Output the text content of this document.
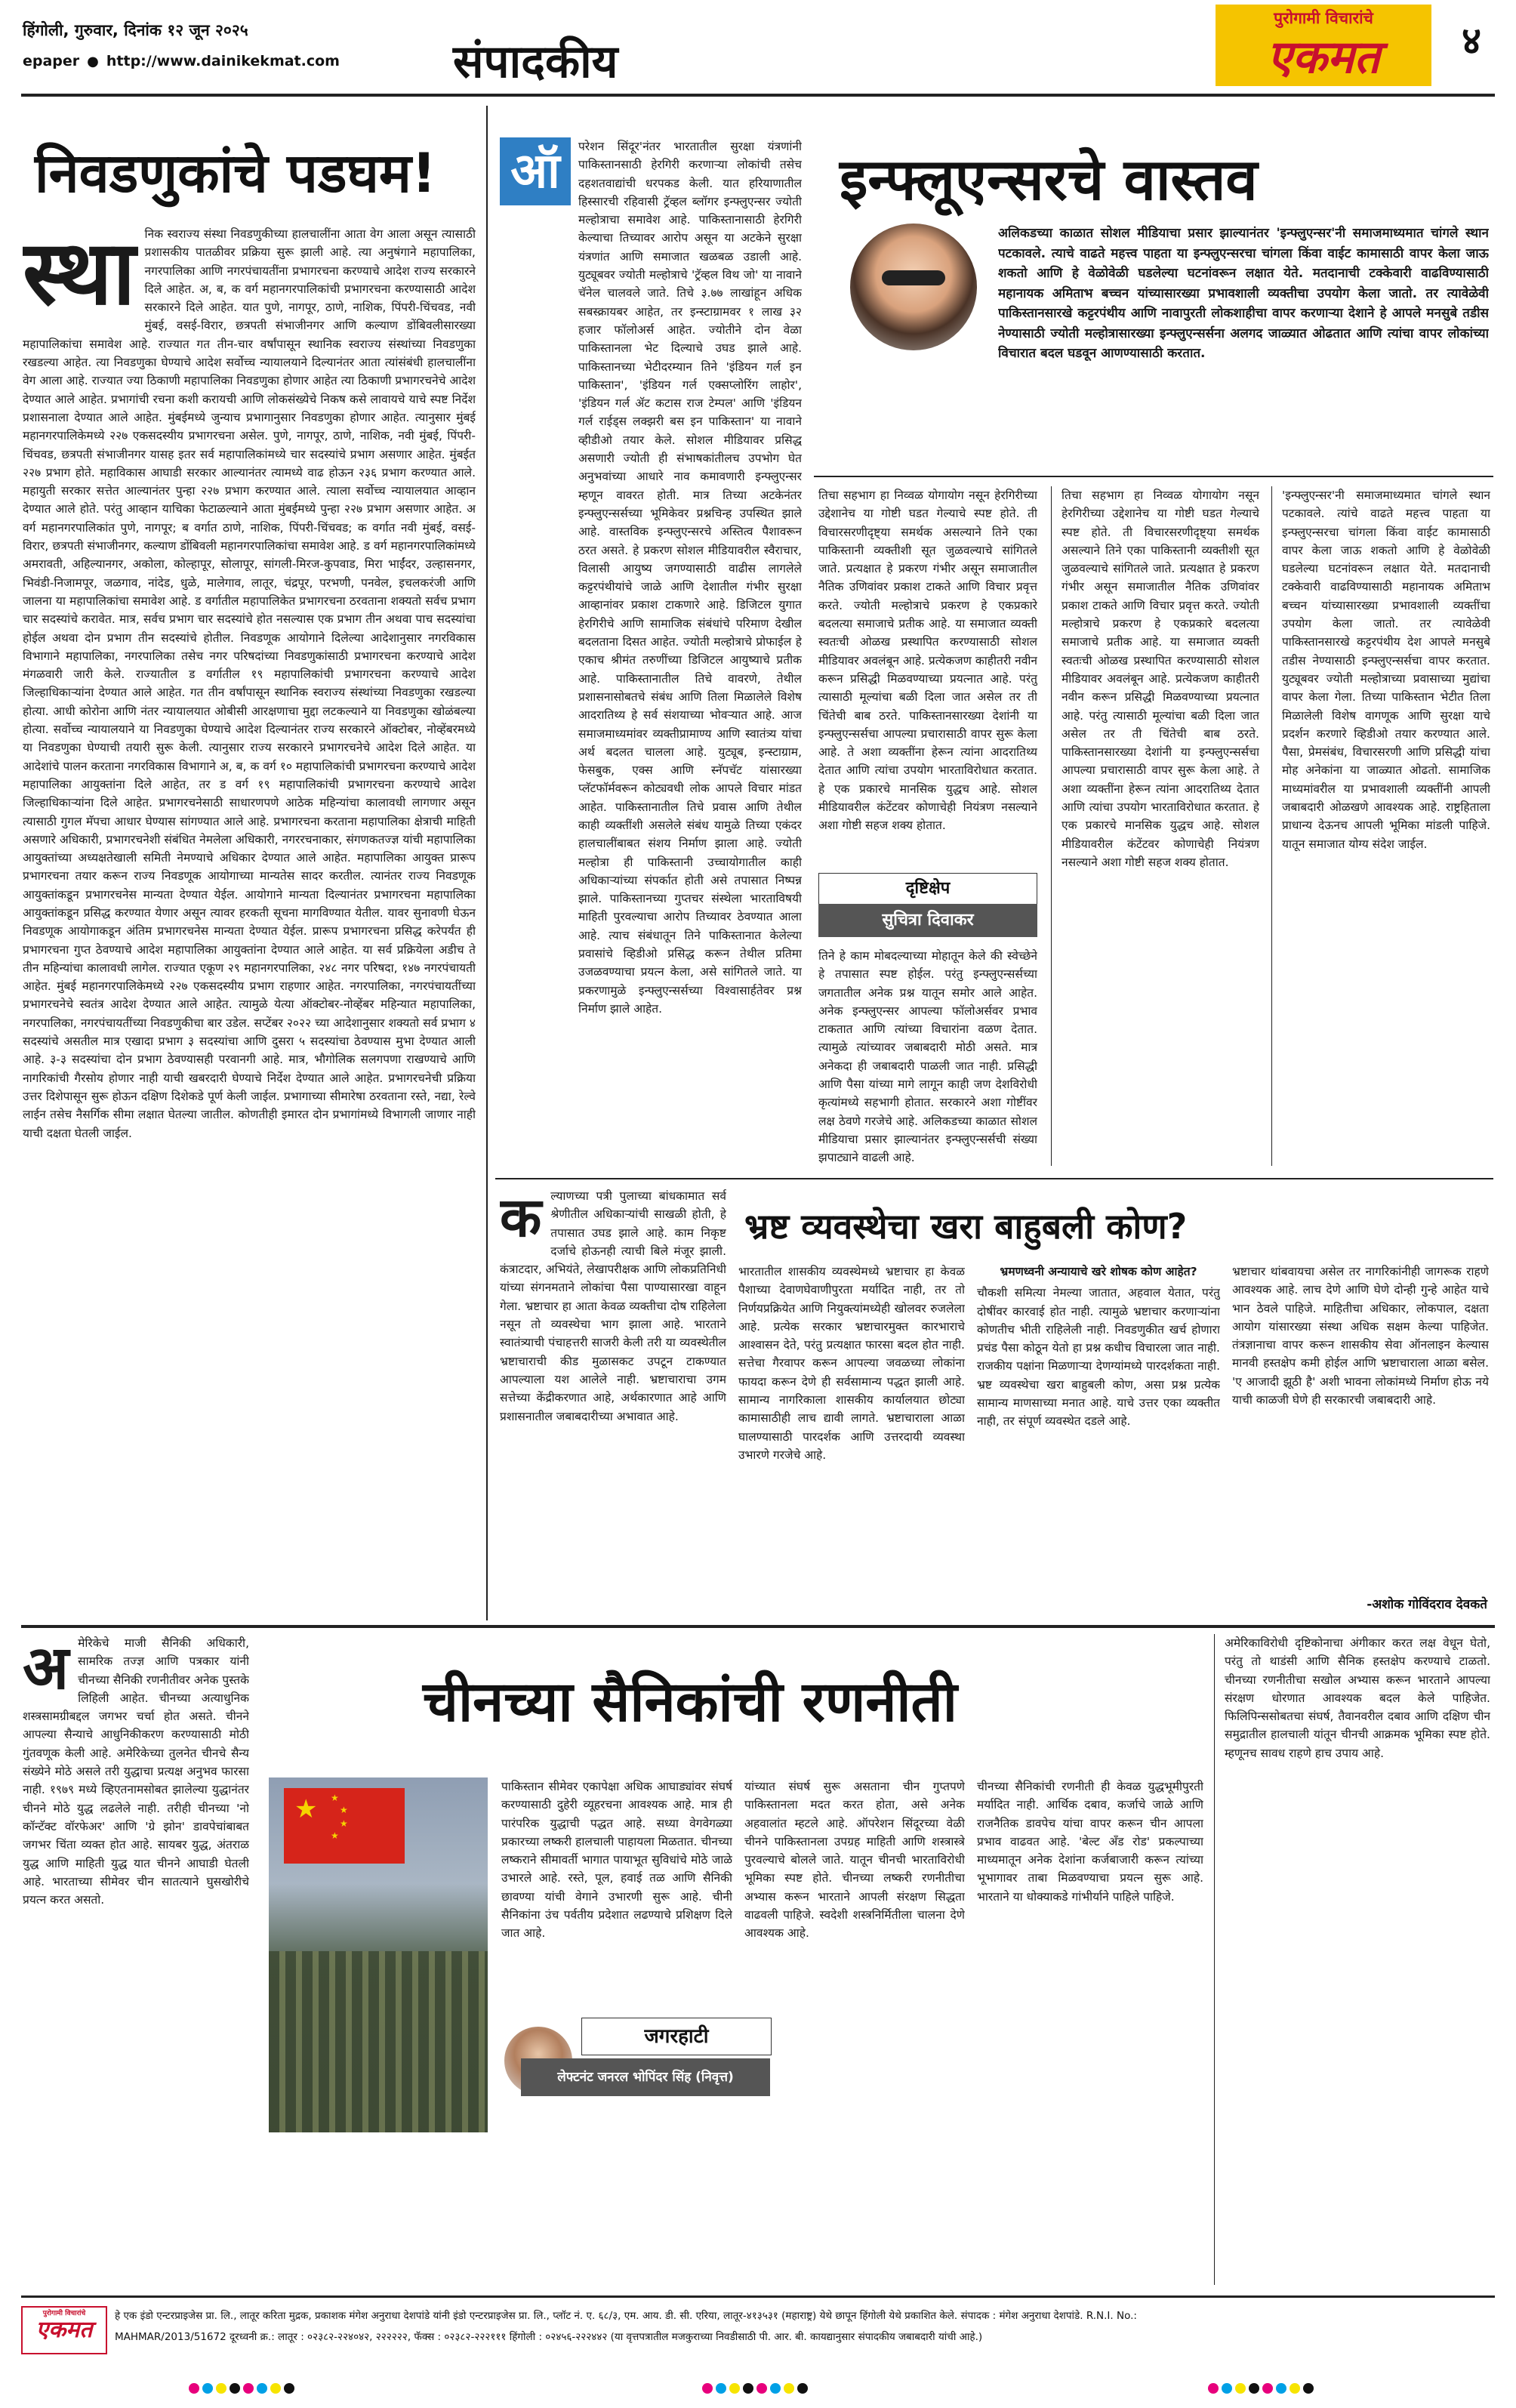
हिंगोली, गुरुवार, दिनांक १२ जून २०२५
epaper ● http://www.dainikekmat.com	संपादकीय
पुरोगामी विचारांचे
एकमत	४
निवडणुकांचे पडघम!
स्था निक स्वराज्य संस्था निवडणुकीच्या हालचालींना आता वेग आला असून त्यासाठी प्रशासकीय पातळीवर प्रक्रिया सुरू झाली आहे. त्या अनुषंगाने महापालिका, नगरपालिका आणि नगरपंचायतींना प्रभागरचना करण्याचे आदेश राज्य सरकारने दिले आहेत. अ, ब, क वर्ग महानगरपालिकांची प्रभागरचना करण्यासाठी आदेश सरकारने दिले आहेत. यात पुणे, नागपूर, ठाणे, नाशिक, पिंपरी-चिंचवड, नवी मुंबई, वसई-विरार, छत्रपती संभाजीनगर आणि कल्याण डोंबिवलीसारख्या महापालिकांचा समावेश आहे. राज्यात गत तीन-चार वर्षांपासून स्थानिक स्वराज्य संस्थांच्या निवडणुका रखडल्या आहेत. त्या निवडणुका घेण्याचे आदेश सर्वोच्च न्यायालयाने दिल्यानंतर आता त्यांसंबंधी हालचालींना वेग आला आहे. राज्यात ज्या ठिकाणी महापालिका निवडणुका होणार आहेत त्या ठिकाणी प्रभागरचनेचे आदेश देण्यात आले आहेत. प्रभागांची रचना कशी करायची आणि लोकसंख्येचे निकष कसे लावायचे याचे स्पष्ट निर्देश प्रशासनाला देण्यात आले आहेत. मुंबईमध्ये जुन्याच प्रभागानुसार निवडणुका होणार आहेत. त्यानुसार मुंबई महानगरपालिकेमध्ये २२७ एकसदस्यीय प्रभागरचना असेल. पुणे, नागपूर, ठाणे, नाशिक, नवी मुंबई, पिंपरी-चिंचवड, छत्रपती संभाजीनगर यासह इतर सर्व महापालिकांमध्ये चार सदस्यांचे प्रभाग असणार आहेत. मुंबईत २२७ प्रभाग होते. महाविकास आघाडी सरकार आल्यानंतर त्यामध्ये वाढ होऊन २३६ प्रभाग करण्यात आले. महायुती सरकार सत्तेत आल्यानंतर पुन्हा २२७ प्रभाग करण्यात आले. त्याला सर्वोच्च न्यायालयात आव्हान देण्यात आले होते. परंतु आव्हान याचिका फेटाळल्याने आता मुंबईमध्ये पुन्हा २२७ प्रभाग असणार आहेत. अ वर्ग महानगरपालिकांत पुणे, नागपूर; ब वर्गात ठाणे, नाशिक, पिंपरी-चिंचवड; क वर्गात नवी मुंबई, वसई-विरार, छत्रपती संभाजीनगर, कल्याण डोंबिवली महानगरपालिकांचा समावेश आहे. ड वर्ग महानगरपालिकांमध्ये अमरावती, अहिल्यानगर, अकोला, कोल्हापूर, सोलापूर, सांगली-मिरज-कुपवाड, मिरा भाईंदर, उल्हासनगर, भिवंडी-निजामपूर, जळगाव, नांदेड, धुळे, मालेगाव, लातूर, चंद्रपूर, परभणी, पनवेल, इचलकरंजी आणि जालना या महापालिकांचा समावेश आहे. ड वर्गातील महापालिकेत प्रभागरचना ठरवताना शक्यतो सर्वच प्रभाग चार सदस्यांचे करावेत. मात्र, सर्वच प्रभाग चार सदस्यांचे होत नसल्यास एक प्रभाग तीन अथवा पाच सदस्यांचा होईल अथवा दोन प्रभाग तीन सदस्यांचे होतील. निवडणूक आयोगाने दिलेल्या आदेशानुसार नगरविकास विभागाने महापालिका, नगरपालिका तसेच नगर परिषदांच्या निवडणुकांसाठी प्रभागरचना करण्याचे आदेश मंगळवारी जारी केले. राज्यातील ड वर्गातील १९ महापालिकांची प्रभागरचना करण्याचे आदेश जिल्हाधिकाऱ्यांना देण्यात आले आहेत. गत तीन वर्षांपासून स्थानिक स्वराज्य संस्थांच्या निवडणुका रखडल्या होत्या. आधी कोरोना आणि नंतर न्यायालयात ओबीसी आरक्षणाचा मुद्दा लटकल्याने या निवडणुका खोळंबल्या होत्या. सर्वोच्च न्यायालयाने या निवडणुका घेण्याचे आदेश दिल्यानंतर राज्य सरकारने ऑक्टोबर, नोव्हेंबरमध्ये या निवडणुका घेण्याची तयारी सुरू केली. त्यानुसार राज्य सरकारने प्रभागरचनेचे आदेश दिले आहेत. या आदेशांचे पालन करताना नगरविकास विभागाने अ, ब, क वर्ग १० महापालिकांची प्रभागरचना करण्याचे आदेश महापालिका आयुक्तांना दिले आहेत, तर ड वर्ग १९ महापालिकांची प्रभागरचना करण्याचे आदेश जिल्हाधिकाऱ्यांना दिले आहेत. प्रभागरचनेसाठी साधारणपणे आठेक महिन्यांचा कालावधी लागणार असून त्यासाठी गुगल मॅपचा आधार घेण्यास सांगण्यात आले आहे. प्रभागरचना करताना महापालिका क्षेत्राची माहिती असणारे अधिकारी, प्रभागरचनेशी संबंधित नेमलेला अधिकारी, नगररचनाकार, संगणकतज्ज्ञ यांची महापालिका आयुक्तांच्या अध्यक्षतेखाली समिती नेमण्याचे अधिकार देण्यात आले आहेत. महापालिका आयुक्त प्रारूप प्रभागरचना तयार करून राज्य निवडणूक आयोगाच्या मान्यतेस सादर करतील. त्यानंतर राज्य निवडणूक आयुक्तांकडून प्रभागरचनेस मान्यता देण्यात येईल. आयोगाने मान्यता दिल्यानंतर प्रभागरचना महापालिका आयुक्तांकडून प्रसिद्ध करण्यात येणार असून त्यावर हरकती सूचना मागविण्यात येतील. यावर सुनावणी घेऊन निवडणूक आयोगाकडून अंतिम प्रभागरचनेस मान्यता देण्यात येईल. प्रारूप प्रभागरचना प्रसिद्ध करेपर्यंत ही प्रभागरचना गुप्त ठेवण्याचे आदेश महापालिका आयुक्तांना देण्यात आले आहेत. या सर्व प्रक्रियेला अडीच ते तीन महिन्यांचा कालावधी लागेल. राज्यात एकूण २९ महानगरपालिका, २४८ नगर परिषदा, १४७ नगरपंचायती आहेत. मुंबई महानगरपालिकेमध्ये २२७ एकसदस्यीय प्रभाग राहणार आहेत. नगरपालिका, नगरपंचायतींच्या प्रभागरचनेचे स्वतंत्र आदेश देण्यात आले आहेत. त्यामुळे येत्या ऑक्टोबर-नोव्हेंबर महिन्यात महापालिका, नगरपालिका, नगरपंचायतींच्या निवडणुकीचा बार उडेल. सप्टेंबर २०२२ च्या आदेशानुसार शक्यतो सर्व प्रभाग ४ सदस्यांचे असतील मात्र एखादा प्रभाग ३ सदस्यांचा आणि दुसरा ५ सदस्यांचा ठेवण्यास मुभा देण्यात आली आहे. ३-३ सदस्यांचा दोन प्रभाग ठेवण्यासही परवानगी आहे. मात्र, भौगोलिक सलगपणा राखण्याचे आणि नागरिकांची गैरसोय होणार नाही याची खबरदारी घेण्याचे निर्देश देण्यात आले आहेत. प्रभागरचनेची प्रक्रिया उत्तर दिशेपासून सुरू होऊन दक्षिण दिशेकडे पूर्ण केली जाईल. प्रभागाच्या सीमारेषा ठरवताना रस्ते, नद्या, रेल्वे लाईन तसेच नैसर्गिक सीमा लक्षात घेतल्या जातील. कोणतीही इमारत दोन प्रभागांमध्ये विभागली जाणार नाही याची दक्षता घेतली जाईल.
ऑ	परेशन सिंदूर'नंतर भारतातील सुरक्षा यंत्रणांनी पाकिस्तानसाठी हेरगिरी करणाऱ्या लोकांची तसेच दहशतवाद्यांची धरपकड केली. यात हरियाणातील हिस्सारची रहिवासी ट्रॅव्हल ब्लॉगर इन्फ्लुएन्सर ज्योती मल्होत्राचा समावेश आहे. पाकिस्तानासाठी हेरगिरी केल्याचा तिच्यावर आरोप असून या अटकेने सुरक्षा यंत्रणांत आणि समाजात खळबळ उडाली आहे. युट्यूबवर ज्योती मल्होत्राचे 'ट्रॅव्हल विथ जो' या नावाने चॅनेल चालवले जाते. तिचे ३.७७ लाखांहून अधिक सबस्क्रायबर आहेत, तर इन्स्टाग्रामवर १ लाख ३२ हजार फॉलोअर्स आहेत. ज्योतीने दोन वेळा पाकिस्तानला भेट दिल्याचे उघड झाले आहे. पाकिस्तानच्या भेटीदरम्यान तिने 'इंडियन गर्ल इन पाकिस्तान', 'इंडियन गर्ल एक्सप्लोरिंग लाहोर', 'इंडियन गर्ल ॲट कटास राज टेम्पल' आणि 'इंडियन गर्ल राईड्स लक्झरी बस इन पाकिस्तान' या नावाने व्हीडीओ तयार केले. सोशल मीडियावर प्रसिद्ध असणारी ज्योती ही संभाषकांतीलच उपभोग घेत अनुभवांच्या आधारे नाव कमावणारी इन्फ्लुएन्सर म्हणून वावरत होती. मात्र तिच्या अटकेनंतर इन्फ्लुएन्सर्सच्या भूमिकेवर प्रश्नचिन्ह उपस्थित झाले आहे. वास्तविक इन्फ्लुएन्सरचे अस्तित्व पैशावरून ठरत असते. हे प्रकरण सोशल मीडियावरील स्वैराचार, विलासी आयुष्य जगण्यासाठी वाढीस लागलेले कट्टरपंथीयांचे जाळे आणि देशातील गंभीर सुरक्षा आव्हानांवर प्रकाश टाकणारे आहे. डिजिटल युगात हेरगिरीचे आणि सामाजिक संबंधांचे परिमाण देखील बदलताना दिसत आहेत. ज्योती मल्होत्राचे प्रोफाईल हे एकाच श्रीमंत तरुणींच्या डिजिटल आयुष्याचे प्रतीक आहे. पाकिस्तानातील तिचे वावरणे, तेथील प्रशासनासोबतचे संबंध आणि तिला मिळालेले विशेष आदरातिथ्य हे सर्व संशयाच्या भोवऱ्यात आहे. आज समाजमाध्यमांवर व्यक्तीप्रामाण्य आणि स्वातंत्र्य यांचा अर्थ बदलत चालला आहे. युट्यूब, इन्स्टाग्राम, फेसबुक, एक्स आणि स्नॅपचॅट यांसारख्या प्लॅटफॉर्मवरून कोट्यवधी लोक आपले विचार मांडत आहेत. पाकिस्तानातील तिचे प्रवास आणि तेथील काही व्यक्तींशी असलेले संबंध यामुळे तिच्या एकंदर हालचालींबाबत संशय निर्माण झाला आहे. ज्योती मल्होत्रा ही पाकिस्तानी उच्चायोगातील काही अधिकाऱ्यांच्या संपर्कात होती असे तपासात निष्पन्न झाले. पाकिस्तानच्या गुप्तचर संस्थेला भारताविषयी माहिती पुरवल्याचा आरोप तिच्यावर ठेवण्यात आला आहे. त्याच संबंधातून तिने पाकिस्तानात केलेल्या प्रवासांचे व्हिडीओ प्रसिद्ध करून तेथील प्रतिमा उजळवण्याचा प्रयत्न केला, असे सांगितले जाते. या प्रकरणामुळे इन्फ्लुएन्सर्सच्या विश्वासार्हतेवर प्रश्न निर्माण झाले आहेत.
इन्फ्लूएन्सरचे वास्तव
अलिकडच्या काळात सोशल मीडियाचा प्रसार झाल्यानंतर 'इन्फ्लुएन्सर'नी समाजमाध्यमात चांगले स्थान पटकावले. त्याचे वाढते महत्त्व पाहता या इन्फ्लुएन्सरचा चांगला किंवा वाईट कामासाठी वापर केला जाऊ शकतो आणि हे वेळोवेळी घडलेल्या घटनांवरून लक्षात येते. मतदानाची टक्केवारी वाढविण्यासाठी महानायक अमिताभ बच्चन यांच्यासारख्या प्रभावशाली व्यक्तीचा उपयोग केला जातो. तर त्यावेळेवी पाकिस्तानसारखे कट्टरपंथीय आणि नावापुरती लोकशाहीचा वापर करणाऱ्या देशाने हे आपले मनसुबे तडीस नेण्यासाठी ज्योती मल्होत्रासारख्या इन्फ्लुएन्सर्सना अलगद जाळ्यात ओढतात आणि त्यांचा वापर लोकांच्या विचारात बदल घडवून आणण्यासाठी करतात.
तिचा सहभाग हा निव्वळ योगायोग नसून हेरगिरीच्या उद्देशानेच या गोष्टी घडत गेल्याचे स्पष्ट होते. ती विचारसरणीदृष्ट्या समर्थक असल्याने तिने एका पाकिस्तानी व्यक्तीशी सूत जुळवल्याचे सांगितले जाते. प्रत्यक्षात हे प्रकरण गंभीर असून समाजातील नैतिक उणिवांवर प्रकाश टाकते आणि विचार प्रवृत्त करते. ज्योती मल्होत्राचे प्रकरण हे एकप्रकारे बदलत्या समाजाचे प्रतीक आहे. या समाजात व्यक्ती स्वतःची ओळख प्रस्थापित करण्यासाठी सोशल मीडियावर अवलंबून आहे. प्रत्येकजण काहीतरी नवीन करून प्रसिद्धी मिळवण्याच्या प्रयत्नात आहे. परंतु त्यासाठी मूल्यांचा बळी दिला जात असेल तर ती चिंतेची बाब ठरते. पाकिस्तानसारख्या देशांनी या इन्फ्लुएन्सर्सचा आपल्या प्रचारासाठी वापर सुरू केला आहे. ते अशा व्यक्तींना हेरून त्यांना आदरातिथ्य देतात आणि त्यांचा उपयोग भारताविरोधात करतात. हे एक प्रकारचे मानसिक युद्धच आहे. सोशल मीडियावरील कंटेंटवर कोणाचेही नियंत्रण नसल्याने अशा गोष्टी सहज शक्य होतात.
दृष्टिक्षेप
सुचित्रा दिवाकर
तिने हे काम मोबदल्याच्या मोहातून केले की स्वेच्छेने हे तपासात स्पष्ट होईल. परंतु इन्फ्लुएन्सर्सच्या जगतातील अनेक प्रश्न यातून समोर आले आहेत. अनेक इन्फ्लुएन्सर आपल्या फॉलोअर्सवर प्रभाव टाकतात आणि त्यांच्या विचारांना वळण देतात. त्यामुळे त्यांच्यावर जबाबदारी मोठी असते. मात्र अनेकदा ही जबाबदारी पाळली जात नाही. प्रसिद्धी आणि पैसा यांच्या मागे लागून काही जण देशविरोधी कृत्यांमध्ये सहभागी होतात. सरकारने अशा गोष्टींवर लक्ष ठेवणे गरजेचे आहे. अलिकडच्या काळात सोशल मीडियाचा प्रसार झाल्यानंतर इन्फ्लुएन्सर्सची संख्या झपाट्याने वाढली आहे.
तिचा सहभाग हा निव्वळ योगायोग नसून हेरगिरीच्या उद्देशानेच या गोष्टी घडत गेल्याचे स्पष्ट होते. ती विचारसरणीदृष्ट्या समर्थक असल्याने तिने एका पाकिस्तानी व्यक्तीशी सूत जुळवल्याचे सांगितले जाते. प्रत्यक्षात हे प्रकरण गंभीर असून समाजातील नैतिक उणिवांवर प्रकाश टाकते आणि विचार प्रवृत्त करते. ज्योती मल्होत्राचे प्रकरण हे एकप्रकारे बदलत्या समाजाचे प्रतीक आहे. या समाजात व्यक्ती स्वतःची ओळख प्रस्थापित करण्यासाठी सोशल मीडियावर अवलंबून आहे. प्रत्येकजण काहीतरी नवीन करून प्रसिद्धी मिळवण्याच्या प्रयत्नात आहे. परंतु त्यासाठी मूल्यांचा बळी दिला जात असेल तर ती चिंतेची बाब ठरते. पाकिस्तानसारख्या देशांनी या इन्फ्लुएन्सर्सचा आपल्या प्रचारासाठी वापर सुरू केला आहे. ते अशा व्यक्तींना हेरून त्यांना आदरातिथ्य देतात आणि त्यांचा उपयोग भारताविरोधात करतात. हे एक प्रकारचे मानसिक युद्धच आहे. सोशल मीडियावरील कंटेंटवर कोणाचेही नियंत्रण नसल्याने अशा गोष्टी सहज शक्य होतात.
'इन्फ्लुएन्सर'नी समाजमाध्यमात चांगले स्थान पटकावले. त्यांचे वाढते महत्त्व पाहता या इन्फ्लुएन्सरचा चांगला किंवा वाईट कामासाठी वापर केला जाऊ शकतो आणि हे वेळोवेळी घडलेल्या घटनांवरून लक्षात येते. मतदानाची टक्केवारी वाढविण्यासाठी महानायक अमिताभ बच्चन यांच्यासारख्या प्रभावशाली व्यक्तींचा उपयोग केला जातो. तर त्यावेळेवी पाकिस्तानसारखे कट्टरपंथीय देश आपले मनसुबे तडीस नेण्यासाठी इन्फ्लुएन्सर्सचा वापर करतात. युट्यूबवर ज्योती मल्होत्राच्या प्रवासाच्या मुद्यांचा वापर केला गेला. तिच्या पाकिस्तान भेटीत तिला मिळालेली विशेष वागणूक आणि सुरक्षा याचे प्रदर्शन करणारे व्हिडीओ तयार करण्यात आले. पैसा, प्रेमसंबंध, विचारसरणी आणि प्रसिद्धी यांचा मोह अनेकांना या जाळ्यात ओढतो. सामाजिक माध्यमांवरील या प्रभावशाली व्यक्तींनी आपली जबाबदारी ओळखणे आवश्यक आहे. राष्ट्रहिताला प्राधान्य देऊनच आपली भूमिका मांडली पाहिजे. यातून समाजात योग्य संदेश जाईल.
क ल्याणच्या पत्री पुलाच्या बांधकामात सर्व श्रेणीतील अधिकाऱ्यांची साखळी होती, हे तपासात उघड झाले आहे. काम निकृष्ट दर्जाचे होऊनही त्याची बिले मंजूर झाली. कंत्राटदार, अभियंते, लेखापरीक्षक आणि लोकप्रतिनिधी यांच्या संगनमताने लोकांचा पैसा पाण्यासारखा वाहून गेला. भ्रष्टाचार हा आता केवळ व्यक्तीचा दोष राहिलेला नसून तो व्यवस्थेचा भाग झाला आहे. भारताने स्वातंत्र्याची पंचाहत्तरी साजरी केली तरी या व्यवस्थेतील भ्रष्टाचाराची कीड मुळासकट उपटून टाकण्यात आपल्याला यश आलेले नाही. भ्रष्टाचाराचा उगम सत्तेच्या केंद्रीकरणात आहे, अर्थकारणात आहे आणि प्रशासनातील जबाबदारीच्या अभावात आहे.
भ्रष्ट व्यवस्थेचा खरा बाहुबली कोण?
भारतातील शासकीय व्यवस्थेमध्ये भ्रष्टाचार हा केवळ पैशाच्या देवाणघेवाणीपुरता मर्यादित नाही, तर तो निर्णयप्रक्रियेत आणि नियुक्त्यांमध्येही खोलवर रुजलेला आहे. प्रत्येक सरकार भ्रष्टाचारमुक्त कारभाराचे आश्वासन देते, परंतु प्रत्यक्षात फारसा बदल होत नाही. सत्तेचा गैरवापर करून आपल्या जवळच्या लोकांना फायदा करून देणे ही सर्वसामान्य पद्धत झाली आहे. सामान्य नागरिकाला शासकीय कार्यालयात छोट्या कामासाठीही लाच द्यावी लागते. भ्रष्टाचाराला आळा घालण्यासाठी पारदर्शक आणि उत्तरदायी व्यवस्था उभारणे गरजेचे आहे.
भ्रमणध्वनी अन्यायाचे खरे शोषक कोण आहेत?
चौकशी समित्या नेमल्या जातात, अहवाल येतात, परंतु दोषींवर कारवाई होत नाही. त्यामुळे भ्रष्टाचार करणाऱ्यांना कोणतीच भीती राहिलेली नाही. निवडणुकीत खर्च होणारा प्रचंड पैसा कोठून येतो हा प्रश्न कधीच विचारला जात नाही. राजकीय पक्षांना मिळणाऱ्या देणग्यांमध्ये पारदर्शकता नाही. भ्रष्ट व्यवस्थेचा खरा बाहुबली कोण, असा प्रश्न प्रत्येक सामान्य माणसाच्या मनात आहे. याचे उत्तर एका व्यक्तीत नाही, तर संपूर्ण व्यवस्थेत दडले आहे.
भ्रष्टाचार थांबवायचा असेल तर नागरिकांनीही जागरूक राहणे आवश्यक आहे. लाच देणे आणि घेणे दोन्ही गुन्हे आहेत याचे भान ठेवले पाहिजे. माहितीचा अधिकार, लोकपाल, दक्षता आयोग यांसारख्या संस्था अधिक सक्षम केल्या पाहिजेत. तंत्रज्ञानाचा वापर करून शासकीय सेवा ऑनलाइन केल्यास मानवी हस्तक्षेप कमी होईल आणि भ्रष्टाचाराला आळा बसेल. 'ए आजादी झूठी है' अशी भावना लोकांमध्ये निर्माण होऊ नये याची काळजी घेणे ही सरकारची जबाबदारी आहे.
-अशोक गोविंदराव देवकते
अ मेरिकेचे माजी सैनिकी अधिकारी, सामरिक तज्ज्ञ आणि पत्रकार यांनी चीनच्या सैनिकी रणनीतीवर अनेक पुस्तके लिहिली आहेत. चीनच्या अत्याधुनिक शस्त्रसामग्रीबद्दल जगभर चर्चा होत असते. चीनने आपल्या सैन्याचे आधुनिकीकरण करण्यासाठी मोठी गुंतवणूक केली आहे. अमेरिकेच्या तुलनेत चीनचे सैन्य संख्येने मोठे असले तरी युद्धाचा प्रत्यक्ष अनुभव फारसा नाही. १९७९ मध्ये व्हिएतनामसोबत झालेल्या युद्धानंतर चीनने मोठे युद्ध लढलेले नाही. तरीही चीनच्या 'नो कॉन्टॅक्ट वॉरफेअर' आणि 'ग्रे झोन' डावपेचांबाबत जगभर चिंता व्यक्त होत आहे. सायबर युद्ध, अंतराळ युद्ध आणि माहिती युद्ध यात चीनने आघाडी घेतली आहे. भारताच्या सीमेवर चीन सातत्याने घुसखोरीचे प्रयत्न करत असतो.
चीनच्या सैनिकांची रणनीती
★ ★
★
★
★
पाकिस्तान सीमेवर एकापेक्षा अधिक आघाड्यांवर संघर्ष करण्यासाठी दुहेरी व्यूहरचना आवश्यक आहे. मात्र ही पारंपरिक युद्धाची पद्धत आहे. सध्या वेगवेगळ्या प्रकारच्या लष्करी हालचाली पाहायला मिळतात. चीनच्या लष्कराने सीमावर्ती भागात पायाभूत सुविधांचे मोठे जाळे उभारले आहे. रस्ते, पूल, हवाई तळ आणि सैनिकी छावण्या यांची वेगाने उभारणी सुरू आहे. चीनी सैनिकांना उंच पर्वतीय प्रदेशात लढण्याचे प्रशिक्षण दिले जात आहे.
यांच्यात संघर्ष सुरू असताना चीन गुप्तपणे पाकिस्तानला मदत करत होता, असे अनेक अहवालांत म्हटले आहे. ऑपरेशन सिंदूरच्या वेळी चीनने पाकिस्तानला उपग्रह माहिती आणि शस्त्रास्त्रे पुरवल्याचे बोलले जाते. यातून चीनची भारताविरोधी भूमिका स्पष्ट होते. चीनच्या लष्करी रणनीतीचा अभ्यास करून भारताने आपली संरक्षण सिद्धता वाढवली पाहिजे. स्वदेशी शस्त्रनिर्मितीला चालना देणे आवश्यक आहे.
जगरहाटी
लेफ्टनंट जनरल भोपिंदर सिंह (निवृत्त)
चीनच्या सैनिकांची रणनीती ही केवळ युद्धभूमीपुरती मर्यादित नाही. आर्थिक दबाव, कर्जाचे जाळे आणि राजनैतिक डावपेच यांचा वापर करून चीन आपला प्रभाव वाढवत आहे. 'बेल्ट अँड रोड' प्रकल्पाच्या माध्यमातून अनेक देशांना कर्जबाजारी करून त्यांच्या भूभागावर ताबा मिळवण्याचा प्रयत्न सुरू आहे. भारताने या धोक्याकडे गांभीर्याने पाहिले पाहिजे.
अमेरिकाविरोधी दृष्टिकोनाचा अंगीकार करत लक्ष वेधून घेतो, परंतु तो थाडंसी आणि सैनिक हस्तक्षेप करण्याचे टाळतो. चीनच्या रणनीतीचा सखोल अभ्यास करून भारताने आपल्या संरक्षण धोरणात आवश्यक बदल केले पाहिजेत. फिलिपिन्ससोबतचा संघर्ष, तैवानवरील दबाव आणि दक्षिण चीन समुद्रातील हालचाली यांतून चीनची आक्रमक भूमिका स्पष्ट होते. म्हणूनच सावध राहणे हाच उपाय आहे.
पुरोगामी विचारांचे
एकमत
हे एक इंडो एन्टरप्राइजेस प्रा. लि., लातूर करिता मुद्रक, प्रकाशक मंगेश अनुराधा देशपांडे यांनी इंडो एन्टरप्राइजेस प्रा. लि., प्लॉट नं. ए. ६८/३, एम. आय. डी. सी. एरिया, लातूर-४१३५३१ (महाराष्ट्र) येथे छापून हिंगोली येथे प्रकाशित केले. संपादक : मंगेश अनुराधा देशपांडे. R.N.I. No.:
MAHMAR/2013/51672 दूरध्वनी क्र.: लातूर : ०२३८२-२२४०४२, २२२२२२, फॅक्स : ०२३८२-२२२१११ हिंगोली : ०२४५६-२२२४४२ (या वृत्तपत्रातील मजकुराच्या निवडीसाठी पी. आर. बी. कायद्यानुसार संपादकीय जबाबदारी यांची आहे.)
